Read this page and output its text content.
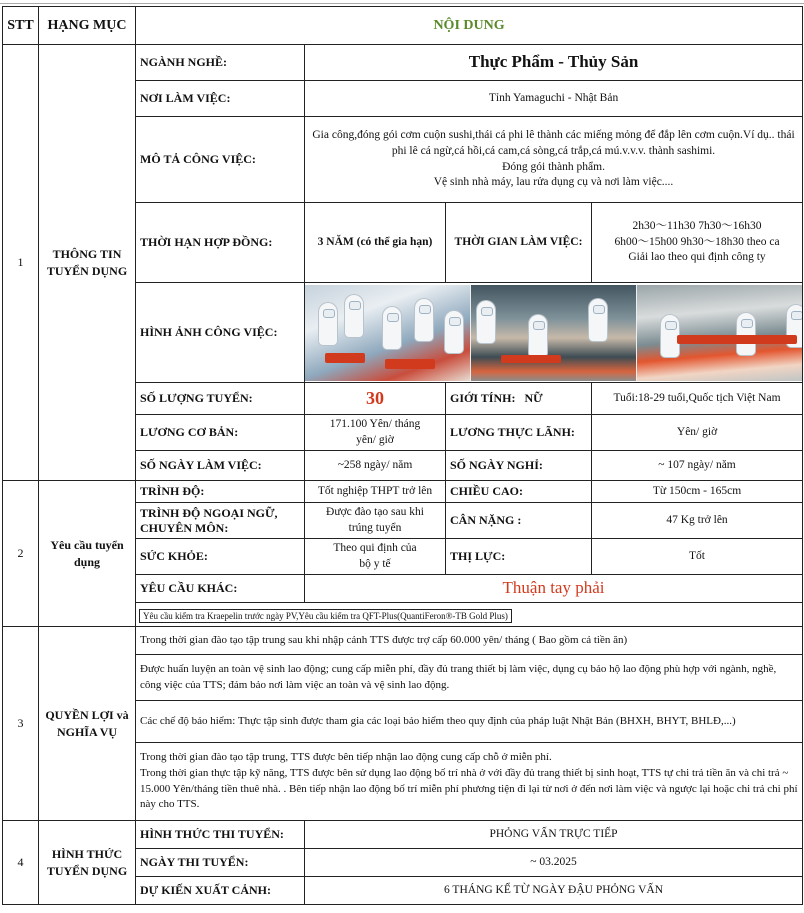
STT	HẠNG MỤC	NỘI DUNG			
1	THÔNG TIN TUYỂN DỤNG	NGÀNH NGHỀ:	Thực Phẩm - Thủy Sản		
		NƠI LÀM VIỆC:	Tỉnh Yamaguchi - Nhật Bản		
		MÔ TẢ CÔNG VIỆC:	Gia công,đóng gói cơm cuộn sushi,thái cá phi lê thành các miếng mỏng để đắp lên cơm cuộn.Ví dụ.. thái phi lê cá ngừ,cá hồi,cá cam,cá sòng,cá trắp,cá mú.v.v.v. thành sashimi.
Đóng gói thành phẩm.
Vệ sinh nhà máy, lau rửa dụng cụ và nơi làm việc....		

		THỜI HẠN HỢP ĐỒNG:	3 NĂM (có thể gia hạn)	THỜI GIAN LÀM VIỆC:	2h30～11h30 7h30～16h30
6h00～15h00 9h30～18h30 theo ca
Giải lao theo qui định công ty

		HÌNH ẢNH CÔNG VIỆC:			

		SỐ LƯỢNG TUYỂN:	30	GIỚI TÍNH: NỮ	Tuổi:18-29 tuổi,Quốc tịch Việt Nam
		LƯƠNG CƠ BẢN:	171.100 Yên/ tháng
yên/ giờ	LƯƠNG THỰC LÃNH:	Yên/ giờ
		SỐ NGÀY LÀM VIỆC:	~258 ngày/ năm	SỐ NGÀY NGHỈ:	~ 107 ngày/ năm
2	Yêu cầu tuyển dụng	TRÌNH ĐỘ:	Tốt nghiệp THPT trở lên	CHIỀU CAO:	Từ 150cm - 165cm
		TRÌNH ĐỘ NGOẠI NGỮ, CHUYÊN MÔN:	Được đào tạo sau khi
trúng tuyển	CÂN NẶNG :	47 Kg trở lên
		SỨC KHỎE:	Theo qui định của
bộ y tế	THỊ LỰC:	Tốt
		YÊU CẦU KHÁC:	Thuận tay phải		
		Yêu cầu kiểm tra Kraepelin trước ngày PV,Yêu cầu kiểm tra QFT-Plus(QuantiFeron®-TB Gold Plus)			
3	QUYỀN LỢI và NGHĨA VỤ	Trong thời gian đào tạo tập trung sau khi nhập cảnh TTS được trợ cấp 60.000 yên/ tháng ( Bao gồm cả tiền ăn)			
		Được huấn luyện an toàn vệ sinh lao động; cung cấp miễn phí, đầy đủ trang thiết bị làm việc, dụng cụ bảo hộ lao động phù hợp với ngành, nghề, công việc của TTS; đảm bảo nơi làm việc an toàn và vệ sinh lao động.			
		Các chế độ bảo hiểm: Thực tập sinh được tham gia các loại bảo hiểm theo quy định của pháp luật Nhật Bản (BHXH, BHYT, BHLĐ,...)			

		Trong thời gian đào tạo tập trung, TTS được bên tiếp nhận lao động cung cấp chỗ ở miễn phí.
Trong thời gian thực tập kỹ năng, TTS được bên sử dụng lao động bố trí nhà ở với đầy đủ trang thiết bị sinh hoạt, TTS tự chi trả tiền ăn và chi trả ~ 15.000 Yên/tháng tiền thuê nhà. . Bên tiếp nhận lao động bố trí miễn phí phương tiện đi lại từ nơi ở đến nơi làm việc và ngược lại hoặc chi trả chi phí này cho TTS.			

4	HÌNH THỨC TUYỂN DỤNG	HÌNH THỨC THI TUYỂN:	PHỎNG VẤN TRỰC TIẾP		
		NGÀY THI TUYỂN:	~ 03.2025		
		DỰ KIẾN XUẤT CẢNH:	6 THÁNG KỂ TỪ NGÀY ĐẬU PHỎNG VẤN		
